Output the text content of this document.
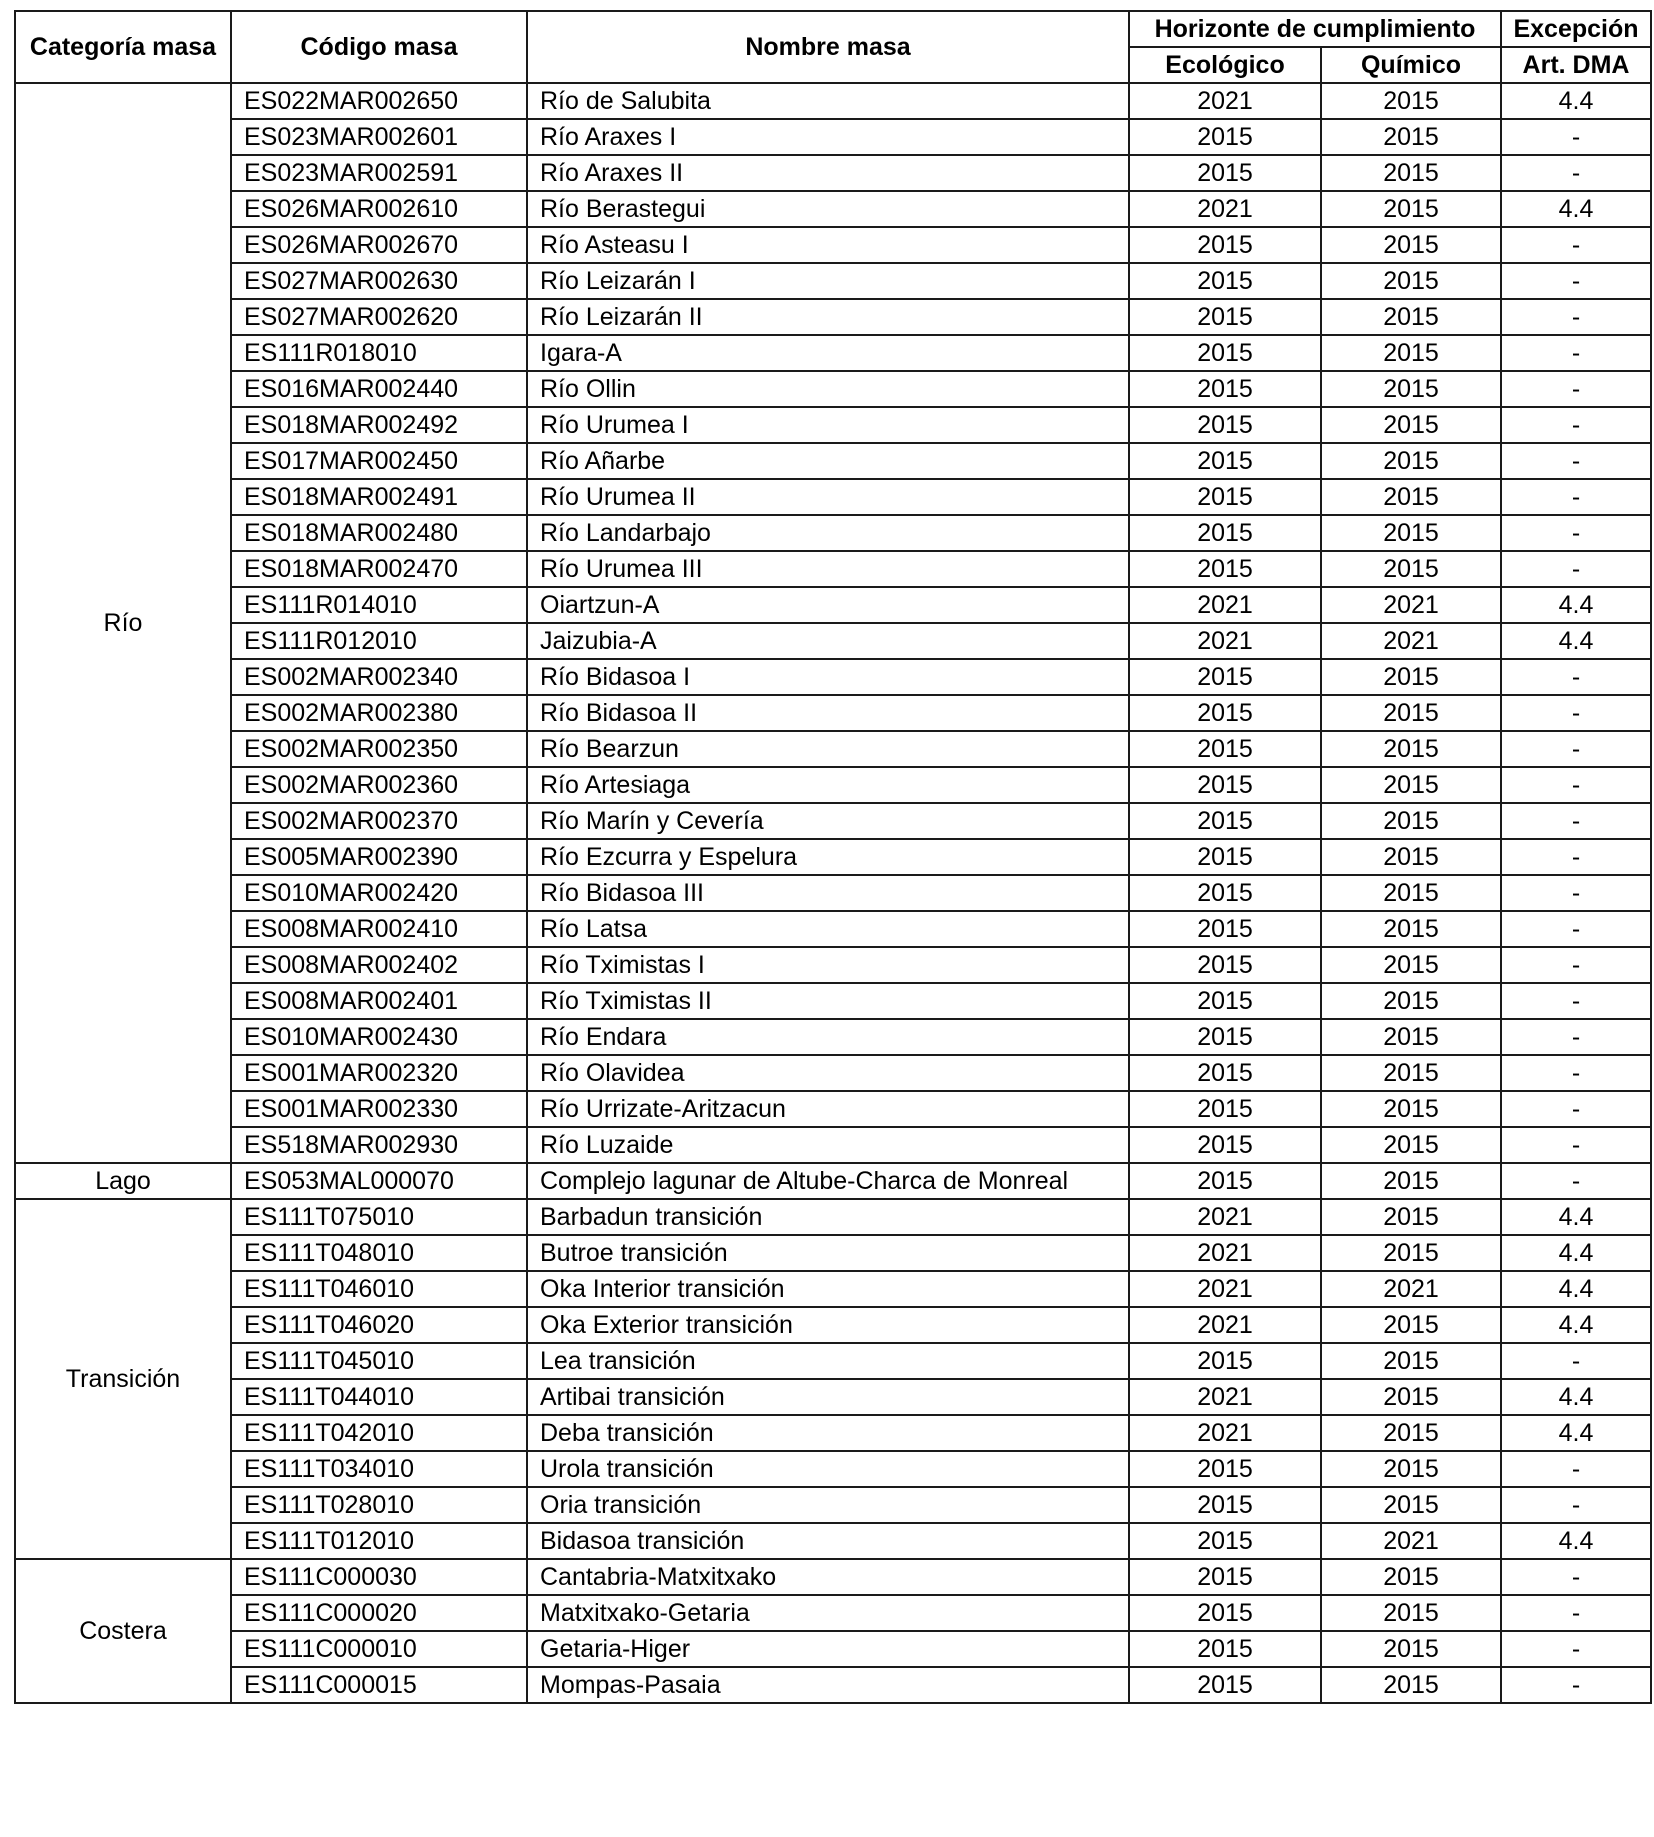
Categoría masa	Código masa	Nombre masa	Horizonte de cumplimiento		Excepción
			Ecológico	Químico	Art. DMA
Río	ES022MAR002650	Río de Salubita	2021	2015	4.4
	ES023MAR002601	Río Araxes I	2015	2015	-
	ES023MAR002591	Río Araxes II	2015	2015	-
	ES026MAR002610	Río Berastegui	2021	2015	4.4
	ES026MAR002670	Río Asteasu I	2015	2015	-
	ES027MAR002630	Río Leizarán I	2015	2015	-
	ES027MAR002620	Río Leizarán II	2015	2015	-
	ES111R018010	Igara-A	2015	2015	-
	ES016MAR002440	Río Ollin	2015	2015	-
	ES018MAR002492	Río Urumea I	2015	2015	-
	ES017MAR002450	Río Añarbe	2015	2015	-
	ES018MAR002491	Río Urumea II	2015	2015	-
	ES018MAR002480	Río Landarbajo	2015	2015	-
	ES018MAR002470	Río Urumea III	2015	2015	-
	ES111R014010	Oiartzun-A	2021	2021	4.4
	ES111R012010	Jaizubia-A	2021	2021	4.4
	ES002MAR002340	Río Bidasoa I	2015	2015	-
	ES002MAR002380	Río Bidasoa II	2015	2015	-
	ES002MAR002350	Río Bearzun	2015	2015	-
	ES002MAR002360	Río Artesiaga	2015	2015	-
	ES002MAR002370	Río Marín y Cevería	2015	2015	-
	ES005MAR002390	Río Ezcurra y Espelura	2015	2015	-
	ES010MAR002420	Río Bidasoa III	2015	2015	-
	ES008MAR002410	Río Latsa	2015	2015	-
	ES008MAR002402	Río Tximistas I	2015	2015	-
	ES008MAR002401	Río Tximistas II	2015	2015	-
	ES010MAR002430	Río Endara	2015	2015	-
	ES001MAR002320	Río Olavidea	2015	2015	-
	ES001MAR002330	Río Urrizate-Aritzacun	2015	2015	-
	ES518MAR002930	Río Luzaide	2015	2015	-
Lago	ES053MAL000070	Complejo lagunar de Altube-Charca de Monreal	2015	2015	-
Transición	ES111T075010	Barbadun transición	2021	2015	4.4
	ES111T048010	Butroe transición	2021	2015	4.4
	ES111T046010	Oka Interior transición	2021	2021	4.4
	ES111T046020	Oka Exterior transición	2021	2015	4.4
	ES111T045010	Lea transición	2015	2015	-
	ES111T044010	Artibai transición	2021	2015	4.4
	ES111T042010	Deba transición	2021	2015	4.4
	ES111T034010	Urola transición	2015	2015	-
	ES111T028010	Oria transición	2015	2015	-
	ES111T012010	Bidasoa transición	2015	2021	4.4
Costera	ES111C000030	Cantabria-Matxitxako	2015	2015	-
	ES111C000020	Matxitxako-Getaria	2015	2015	-
	ES111C000010	Getaria-Higer	2015	2015	-
	ES111C000015	Mompas-Pasaia	2015	2015	-
